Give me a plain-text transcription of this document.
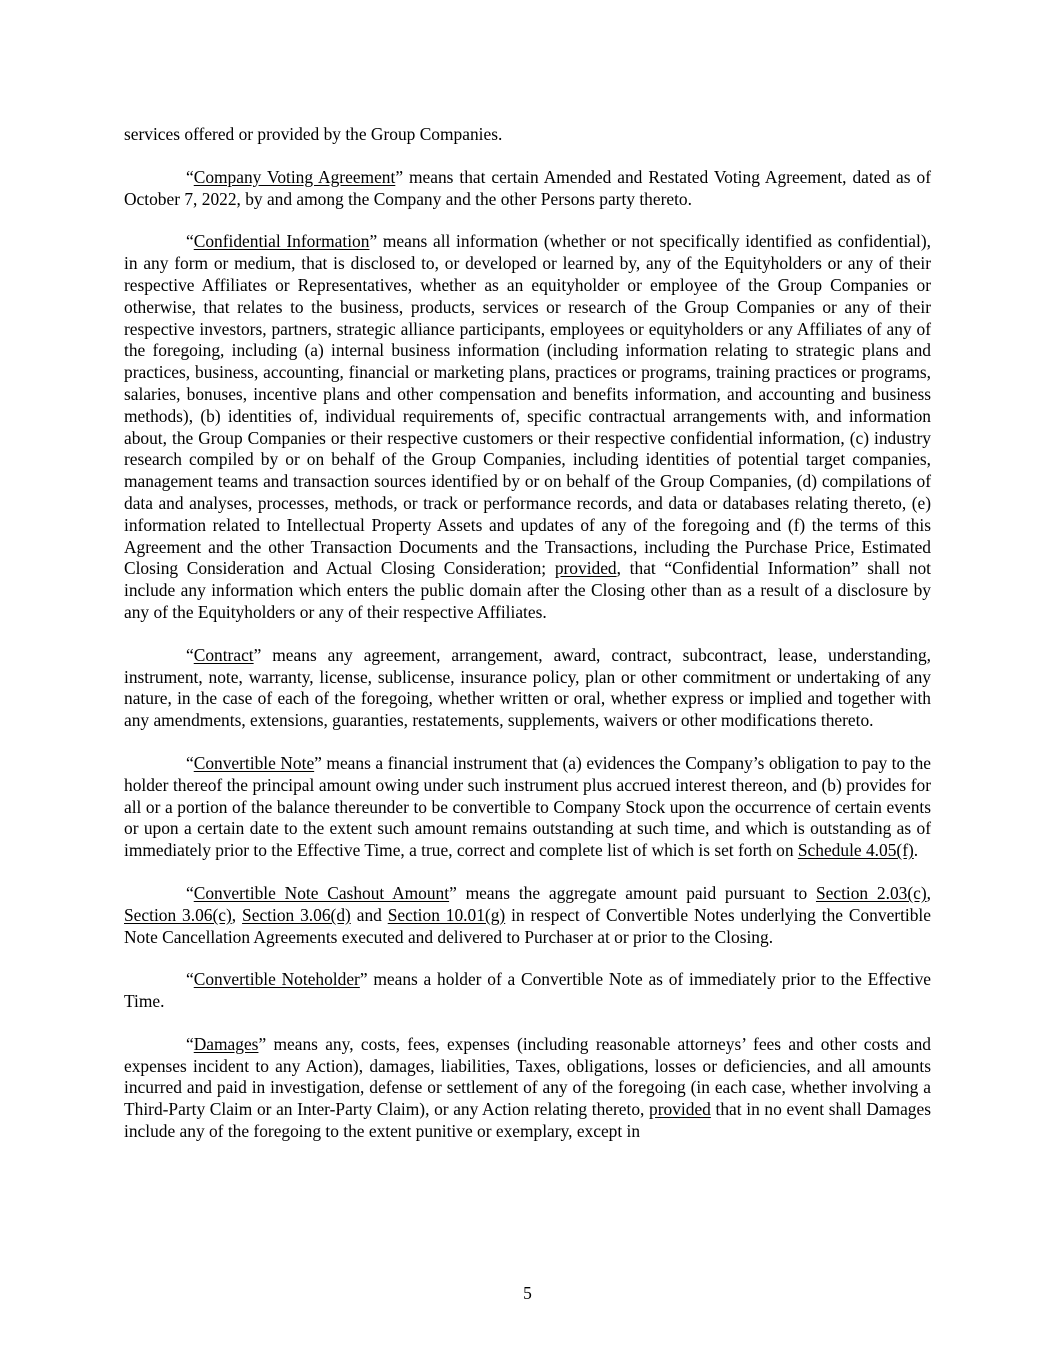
services offered or provided by the Group Companies.

“Company Voting Agreement” means that certain Amended and Restated Voting Agreement, dated as of October 7, 2022, by and among the Company and the other Persons party thereto.

“Confidential Information” means all information (whether or not specifically identified as confidential), in any form or medium, that is disclosed to, or developed or learned by, any of the Equityholders or any of their respective Affiliates or Representatives, whether as an equityholder or employee of the Group Companies or otherwise, that relates to the business, products, services or research of the Group Companies or any of their respective investors, partners, strategic alliance participants, employees or equityholders or any Affiliates of any of the foregoing, including (a) internal business information (including information relating to strategic plans and practices, business, accounting, financial or marketing plans, practices or programs, training practices or programs, salaries, bonuses, incentive plans and other compensation and benefits information, and accounting and business methods), (b) identities of, individual requirements of, specific contractual arrangements with, and information about, the Group Companies or their respective customers or their respective confidential information, (c) industry research compiled by or on behalf of the Group Companies, including identities of potential target companies, management teams and transaction sources identified by or on behalf of the Group Companies, (d) compilations of data and analyses, processes, methods, or track or performance records, and data or databases relating thereto, (e) information related to Intellectual Property Assets and updates of any of the foregoing and (f) the terms of this Agreement and the other Transaction Documents and the Transactions, including the Purchase Price, Estimated Closing Consideration and Actual Closing Consideration; provided, that “Confidential Information” shall not include any information which enters the public domain after the Closing other than as a result of a disclosure by any of the Equityholders or any of their respective Affiliates.

“Contract” means any agreement, arrangement, award, contract, subcontract, lease, understanding, instrument, note, warranty, license, sublicense, insurance policy, plan or other commitment or undertaking of any nature, in the case of each of the foregoing, whether written or oral, whether express or implied and together with any amendments, extensions, guaranties, restatements, supplements, waivers or other modifications thereto.

“Convertible Note” means a financial instrument that (a) evidences the Company’s obligation to pay to the holder thereof the principal amount owing under such instrument plus accrued interest thereon, and (b) provides for all or a portion of the balance thereunder to be convertible to Company Stock upon the occurrence of certain events or upon a certain date to the extent such amount remains outstanding at such time, and which is outstanding as of immediately prior to the Effective Time, a true, correct and complete list of which is set forth on Schedule 4.05(f).

“Convertible Note Cashout Amount” means the aggregate amount paid pursuant to Section 2.03(c), Section 3.06(c), Section 3.06(d) and Section 10.01(g) in respect of Convertible Notes underlying the Convertible Note Cancellation Agreements executed and delivered to Purchaser at or prior to the Closing.

“Convertible Noteholder” means a holder of a Convertible Note as of immediately prior to the Effective Time.

“Damages” means any, costs, fees, expenses (including reasonable attorneys’ fees and other costs and expenses incident to any Action), damages, liabilities, Taxes, obligations, losses or deficiencies, and all amounts incurred and paid in investigation, defense or settlement of any of the foregoing (in each case, whether involving a Third-Party Claim or an Inter-Party Claim), or any Action relating thereto, provided that in no event shall Damages include any of the foregoing to the extent punitive or exemplary, except in

5
